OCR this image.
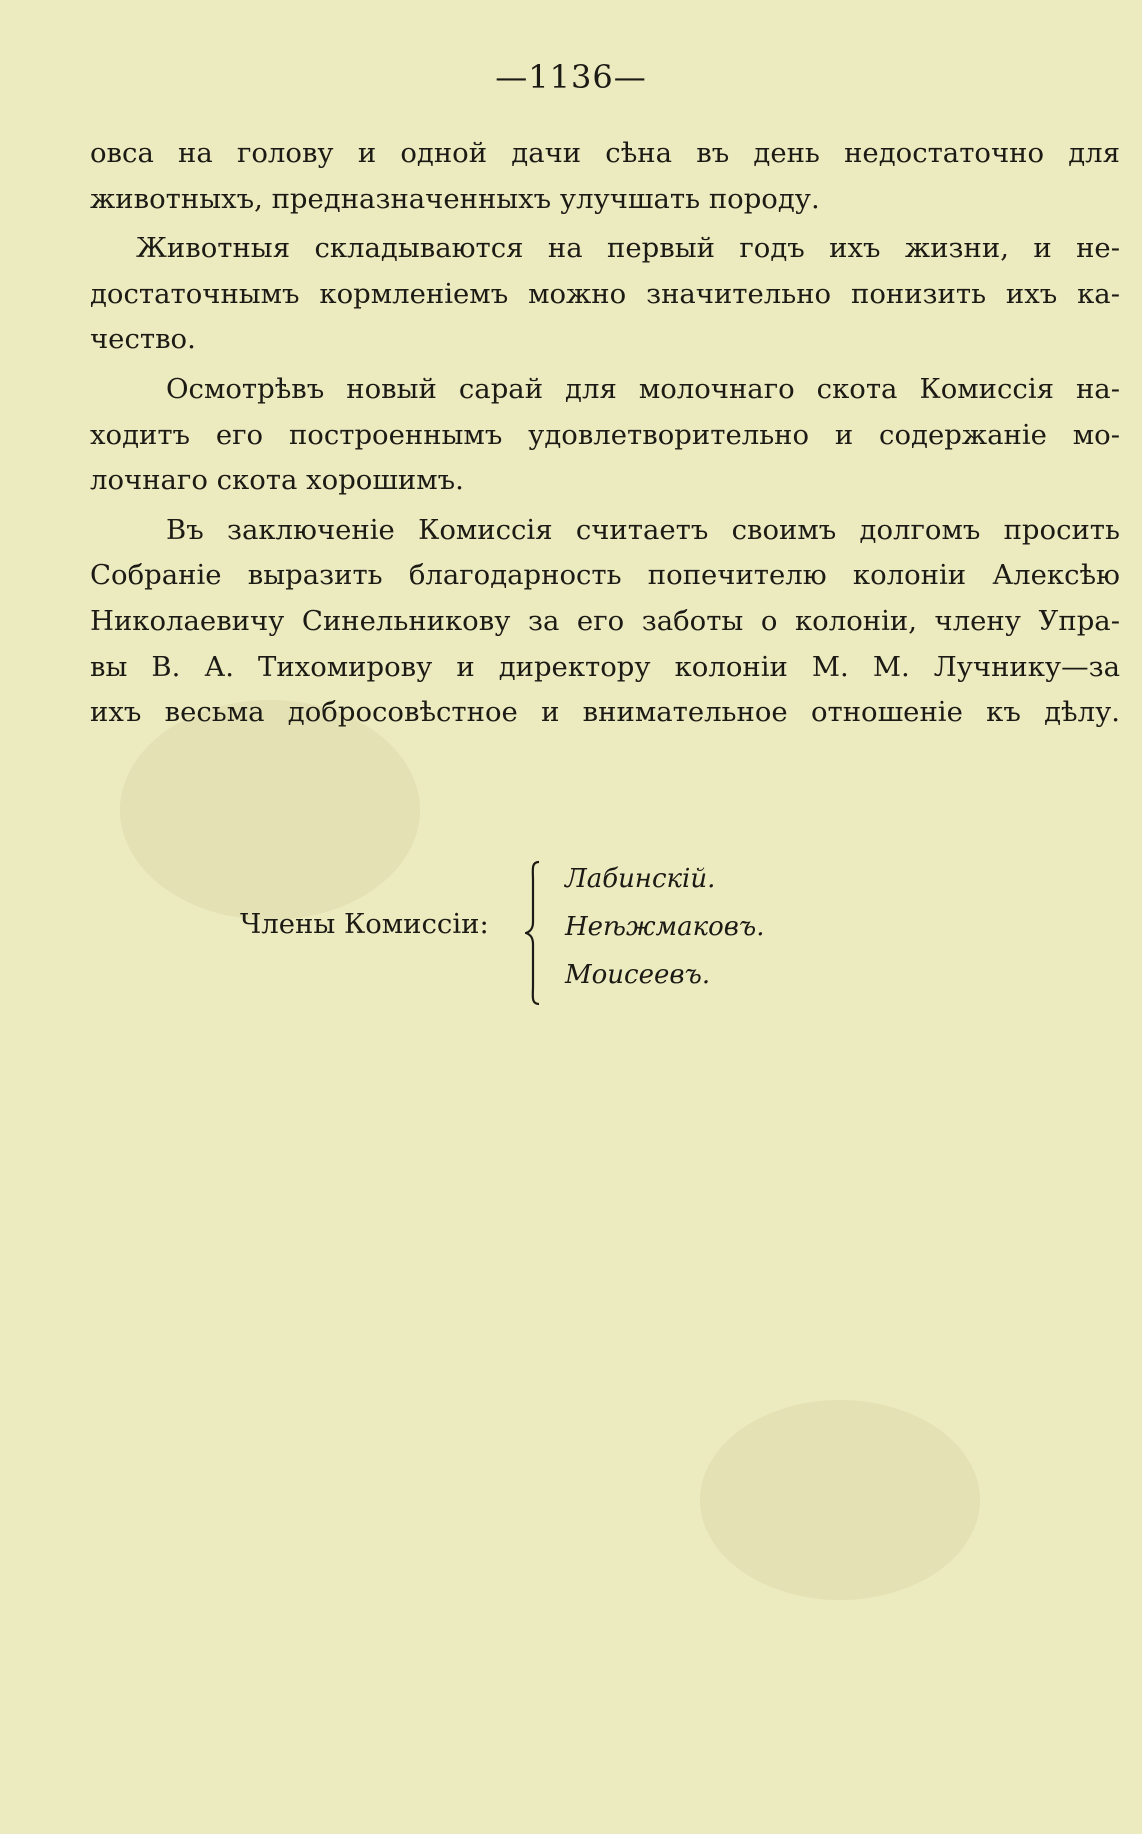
—1136—
овса на голову и одной дачи сѣна въ день недостаточно для
животныхъ, предназначенныхъ улучшать породу.
Животныя складываются на первый годъ ихъ жизни, и не-
достаточнымъ кормленіемъ можно значительно понизить ихъ ка-
чество.
Осмотрѣвъ новый сарай для молочнаго скота Комиссія на-
ходитъ его построеннымъ удовлетворительно и содержаніе мо-
лочнаго скота хорошимъ.
Въ заключеніе Комиссія считаетъ своимъ долгомъ просить
Собраніе выразить благодарность попечителю колоніи Алексѣю
Николаевичу Синельникову за его заботы о колоніи, члену Упра-
вы В. А. Тихомирову и директору колоніи М. М. Лучнику—за
ихъ весьма добросовѣстное и внимательное отношеніе къ дѣлу.
Члены Комиссіи:
Лабинскій.
Неѣжмаковъ.
Моисеевъ.
